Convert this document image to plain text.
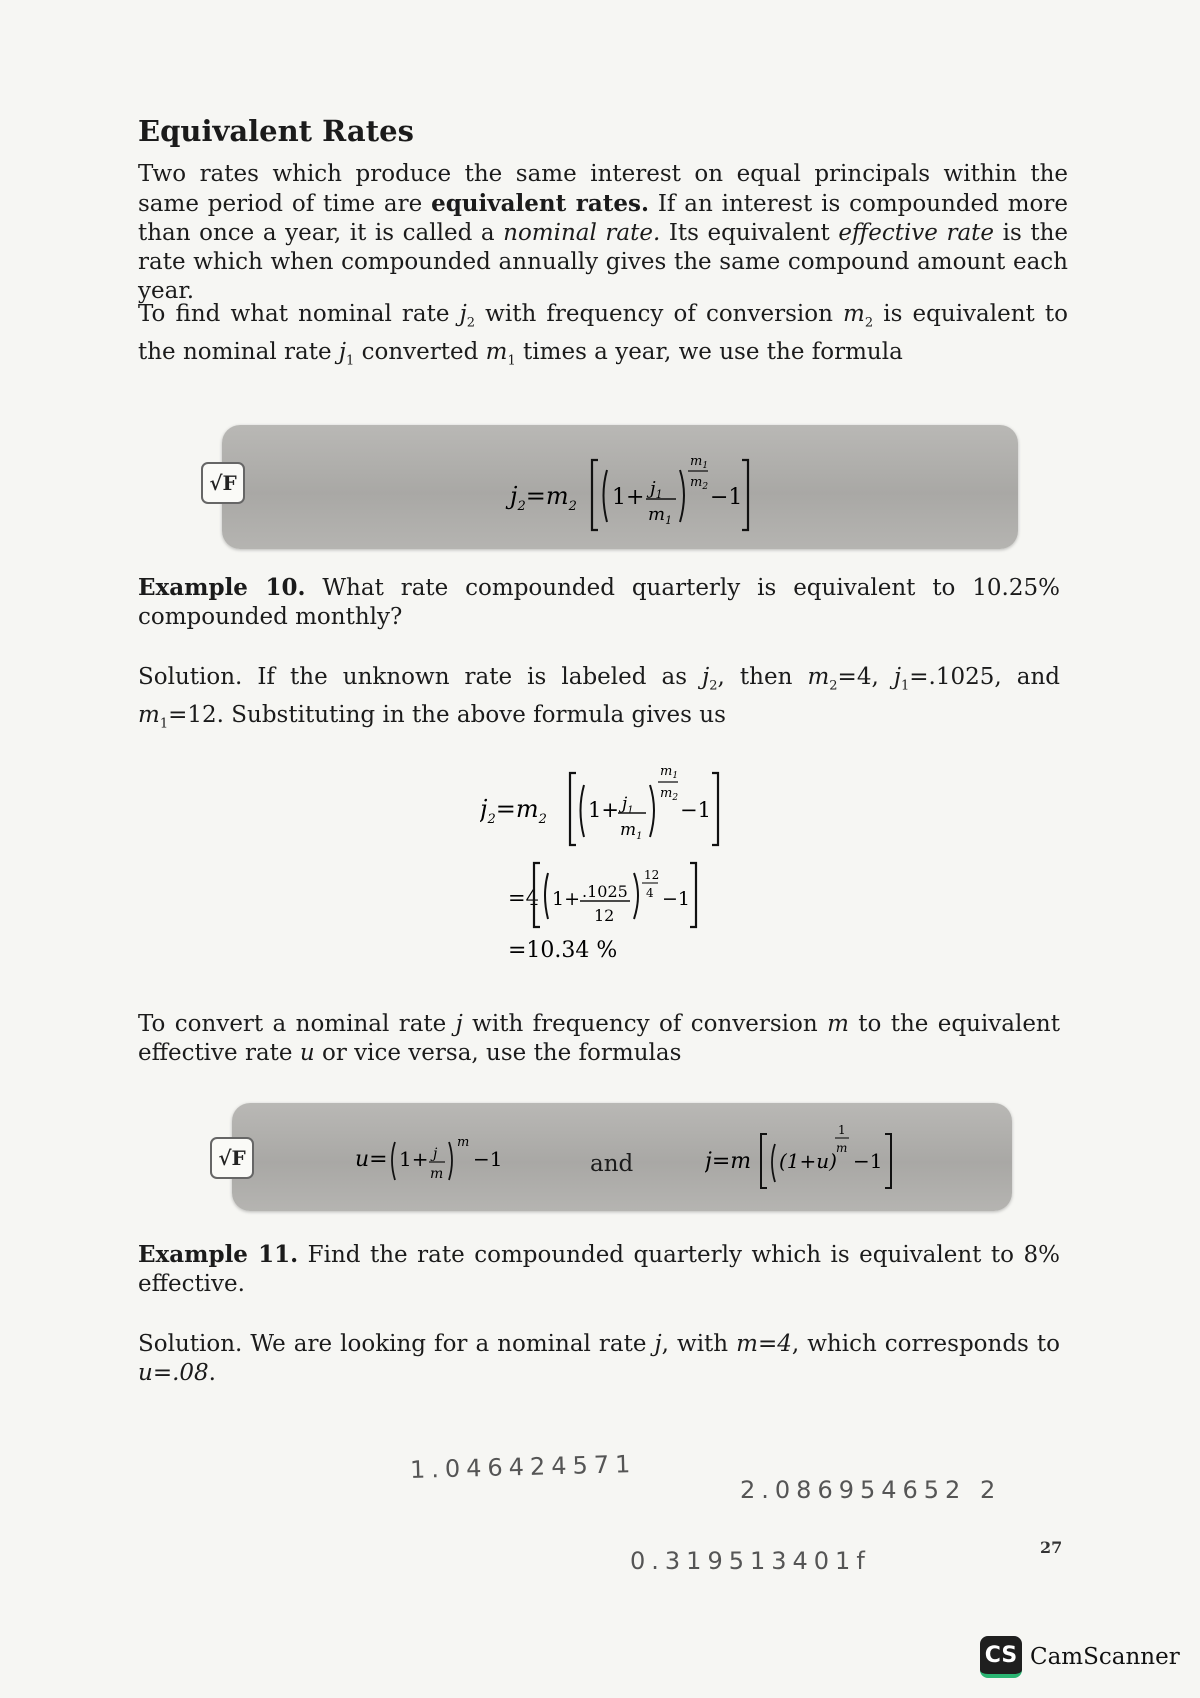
Equivalent Rates

Two rates which produce the same interest on equal principals within the same period of time are equivalent rates. If an interest is compounded more than once a year, it is called a nominal rate. Its equivalent effective rate is the rate which when compounded annually gives the same compound amount each year.

To find what nominal rate $j_2$ with frequency of conversion $m_2$ is equivalent to the nominal rate $j_1$ converted $m_1$ times a year, we use the formula

√F	$j_2=m_2$ $1+ j_1$
$m_1$
$m_1$
$m_2 -1$

Example 10. What rate compounded quarterly is equivalent to 10.25% compounded monthly?

Solution. If the unknown rate is labeled as $j_2$, then $m_2=4$, $j_1=.1025$, and $m_1=12$. Substituting in the above formula gives us

$j_2=m_2$ $1+ j_1$
$m_1$
$m_1$
$m_2 -1$
=4 1+ .1025
12
12
4 −1
=10.34 %

To convert a nominal rate j with frequency of conversion m to the equivalent effective rate u or vice versa, use the formulas

√F	u= 1+ j
m
m
−1	and	j=m (1+u)
1
m
−1

Example 11. Find the rate compounded quarterly which is equivalent to 8% effective.

Solution. We are looking for a nominal rate j, with m=4, which corresponds to u=.08.

1.046424571
2.086954652 2
0.319513401f	27
CS CamScanner
